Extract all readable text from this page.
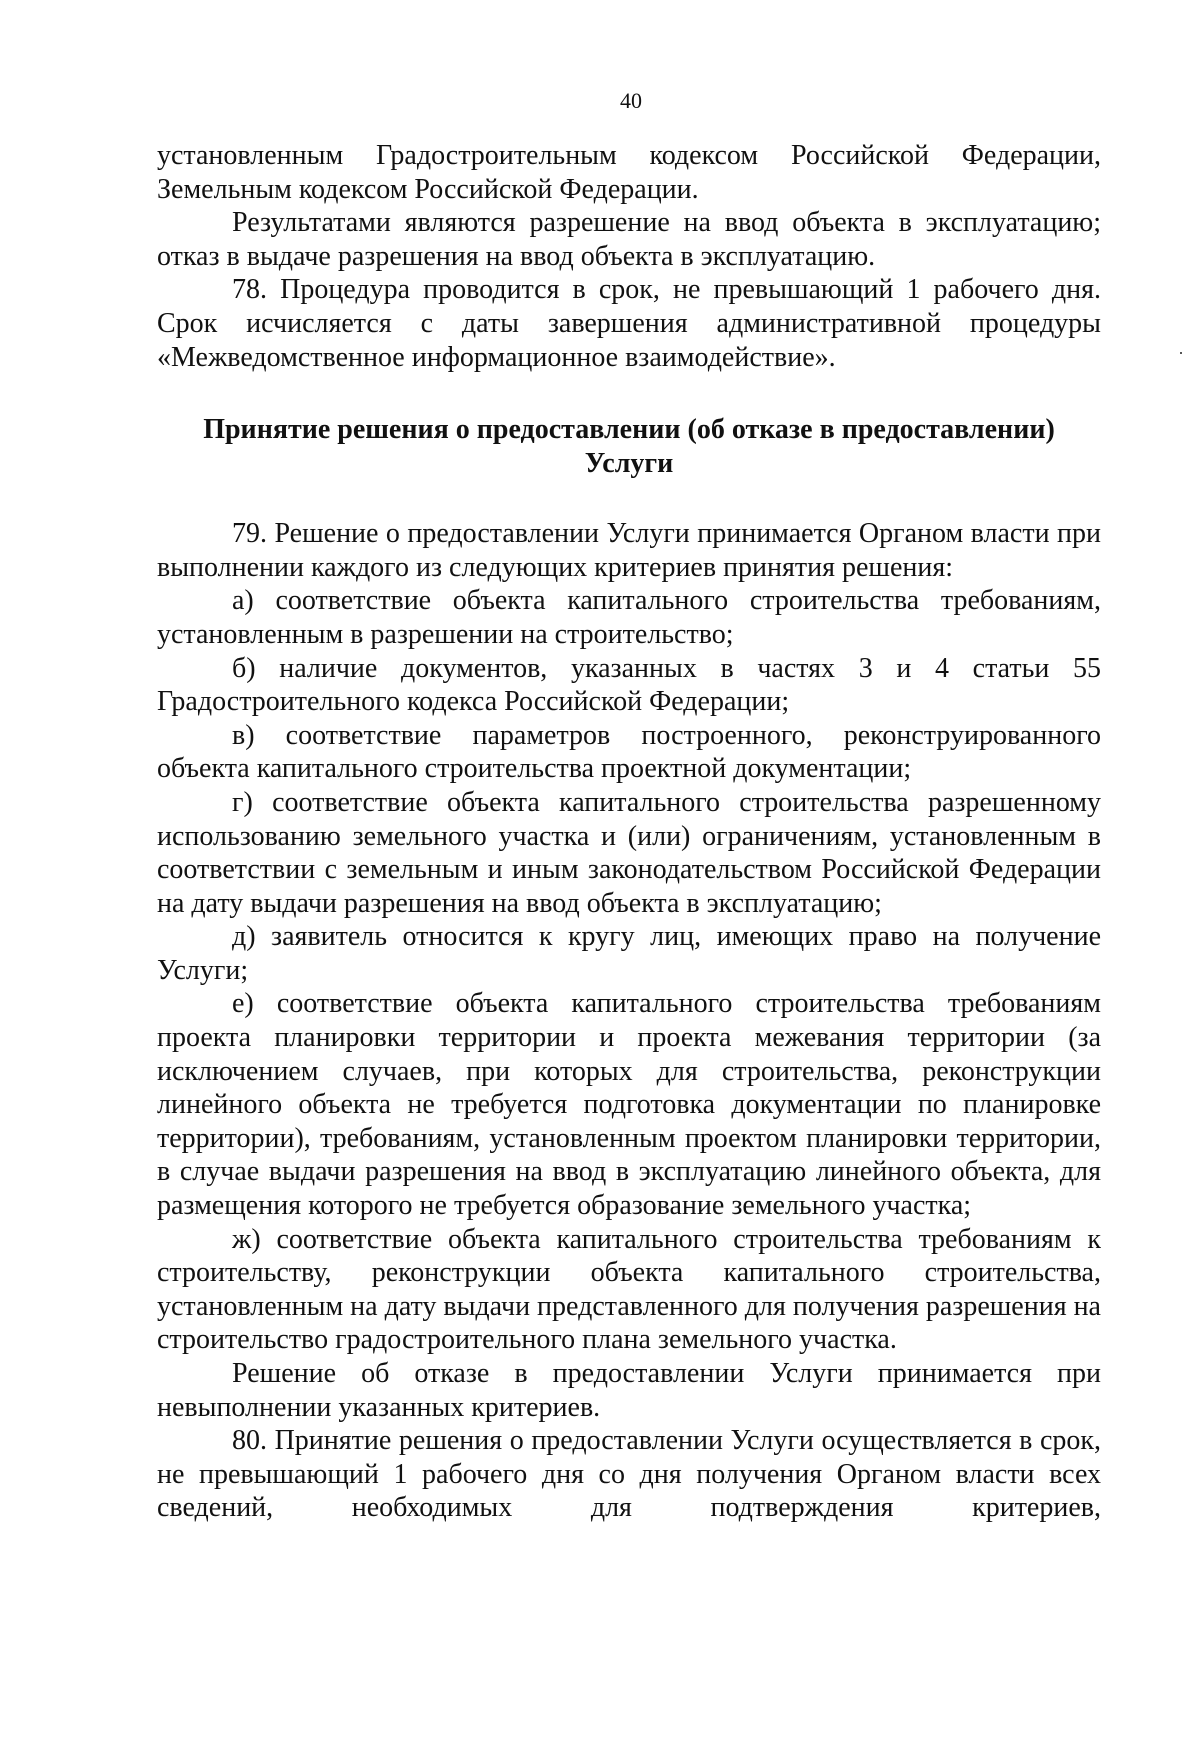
40

установленным Градостроительным кодексом Российской Федерации, Земельным кодексом Российской Федерации.

Результатами являются разрешение на ввод объекта в эксплуатацию; отказ в выдаче разрешения на ввод объекта в эксплуатацию.

78. Процедура проводится в срок, не превышающий 1 рабочего дня. Срок исчисляется с даты завершения административной процедуры «Межведомственное информационное взаимодействие».

Принятие решения о предоставлении (об отказе в предоставлении)
Услуги

79. Решение о предоставлении Услуги принимается Органом власти при выполнении каждого из следующих критериев принятия решения:

а) соответствие объекта капитального строительства требованиям, установленным в разрешении на строительство;

б) наличие документов, указанных в частях 3 и 4 статьи 55 Градостроительного кодекса Российской Федерации;

в) соответствие параметров построенного, реконструированного объекта капитального строительства проектной документации;

г) соответствие объекта капитального строительства разрешенному использованию земельного участка и (или) ограничениям, установленным в соответствии с земельным и иным законодательством Российской Федерации на дату выдачи разрешения на ввод объекта в эксплуатацию;

д) заявитель относится к кругу лиц, имеющих право на получение Услуги;

е) соответствие объекта капитального строительства требованиям проекта планировки территории и проекта межевания территории (за исключением случаев, при которых для строительства, реконструкции линейного объекта не требуется подготовка документации по планировке территории), требованиям, установленным проектом планировки территории, в случае выдачи разрешения на ввод в эксплуатацию линейного объекта, для размещения которого не требуется образование земельного участка;

ж) соответствие объекта капитального строительства требованиям к строительству, реконструкции объекта капитального строительства, установленным на дату выдачи представленного для получения разрешения на строительство градостроительного плана земельного участка.

Решение об отказе в предоставлении Услуги принимается при невыполнении указанных критериев.

80. Принятие решения о предоставлении Услуги осуществляется в срок, не превышающий 1 рабочего дня со дня получения Органом власти всех сведений, необходимых для подтверждения критериев,
